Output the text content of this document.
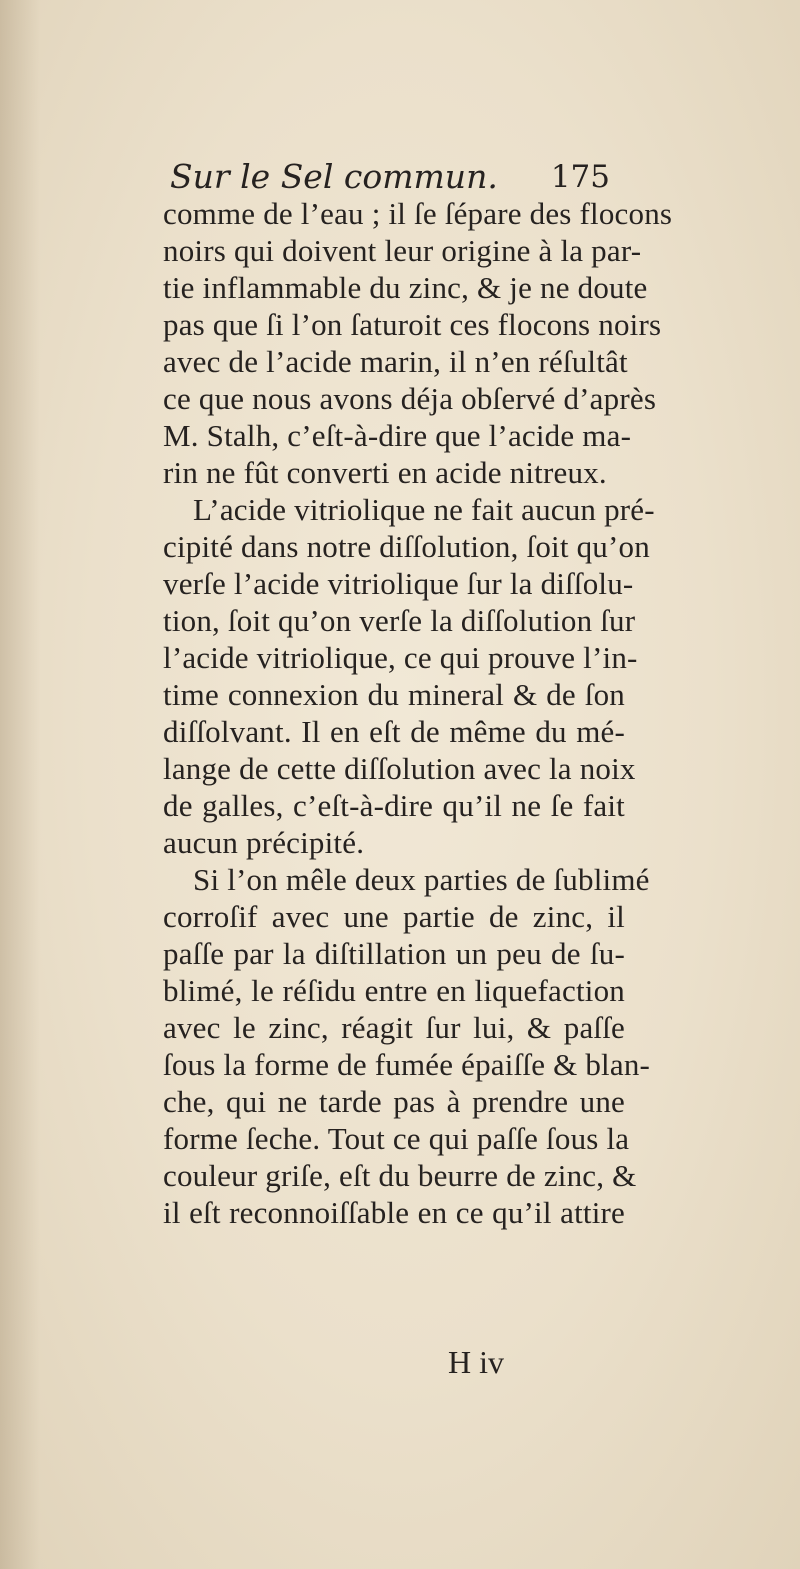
Sur le Sel commun. 175
comme de l’eau ; il ſe ſépare des flocons
noirs qui doivent leur origine à la par-
tie inflammable du zinc, & je ne doute
pas que ſi l’on ſaturoit ces flocons noirs
avec de l’acide marin, il n’en réſultât
ce que nous avons déja obſervé d’après
M. Stalh, c’eſt-à-dire que l’acide ma-
rin ne fût converti en acide nitreux.
L’acide vitriolique ne fait aucun pré-
cipité dans notre diſſolution, ſoit qu’on
verſe l’acide vitriolique ſur la diſſolu-
tion, ſoit qu’on verſe la diſſolution ſur
l’acide vitriolique, ce qui prouve l’in-
time connexion du mineral & de ſon
diſſolvant. Il en eſt de même du mé-
lange de cette diſſolution avec la noix
de galles, c’eſt-à-dire qu’il ne ſe fait
aucun précipité.
Si l’on mêle deux parties de ſublimé
corroſif avec une partie de zinc, il
paſſe par la diſtillation un peu de ſu-
blimé, le réſidu entre en liquefaction
avec le zinc, réagit ſur lui, & paſſe
ſous la forme de fumée épaiſſe & blan-
che, qui ne tarde pas à prendre une
forme ſeche. Tout ce qui paſſe ſous la
couleur griſe, eſt du beurre de zinc, &
il eſt reconnoiſſable en ce qu’il attire
H iv
